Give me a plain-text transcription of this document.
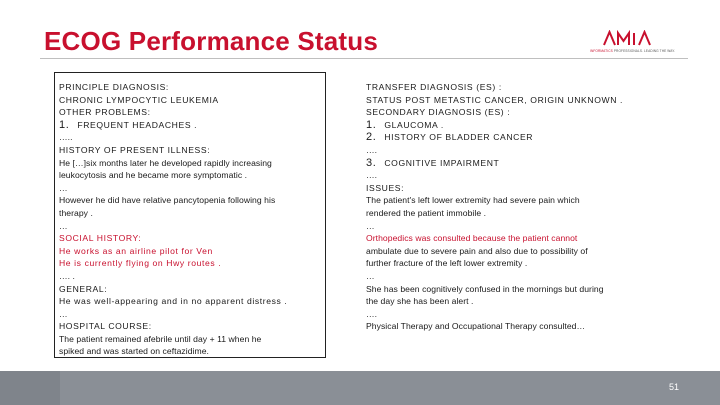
ECOG Performance Status	INFORMATICS PROFESSIONALS. LEADING THE WAY.
PRINCIPLE DIAGNOSIS:
CHRONIC LYMPOCYTIC LEUKEMIA
OTHER PROBLEMS:
1. FREQUENT HEADACHES .
…..
HISTORY OF PRESENT ILLNESS:
He […]six months later he developed rapidly increasing
leukocytosis and he became more symptomatic .
…
However he did have relative pancytopenia following his
therapy .
…
SOCIAL HISTORY:
He works as an airline pilot for Ven
He is currently flying on Hwy routes .
…. .
GENERAL:
He was well-appearing and in no apparent distress .
…
HOSPITAL COURSE:
The patient remained afebrile until day + 11 when he
spiked and was started on ceftazidime.
TRANSFER DIAGNOSIS (ES) :
STATUS POST METASTIC CANCER, ORIGIN UNKNOWN .
SECONDARY DIAGNOSIS (ES) :
1. GLAUCOMA .
2. HISTORY OF BLADDER CANCER
….
3. COGNITIVE IMPAIRMENT
….
ISSUES:
The patient's left lower extremity had severe pain which
rendered the patient immobile .
…
Orthopedics was consulted because the patient cannot
ambulate due to severe pain and also due to possibility of
further fracture of the left lower extremity .
…
She has been cognitively confused in the mornings but during
the day she has been alert .
….
Physical Therapy and Occupational Therapy consulted…
51
